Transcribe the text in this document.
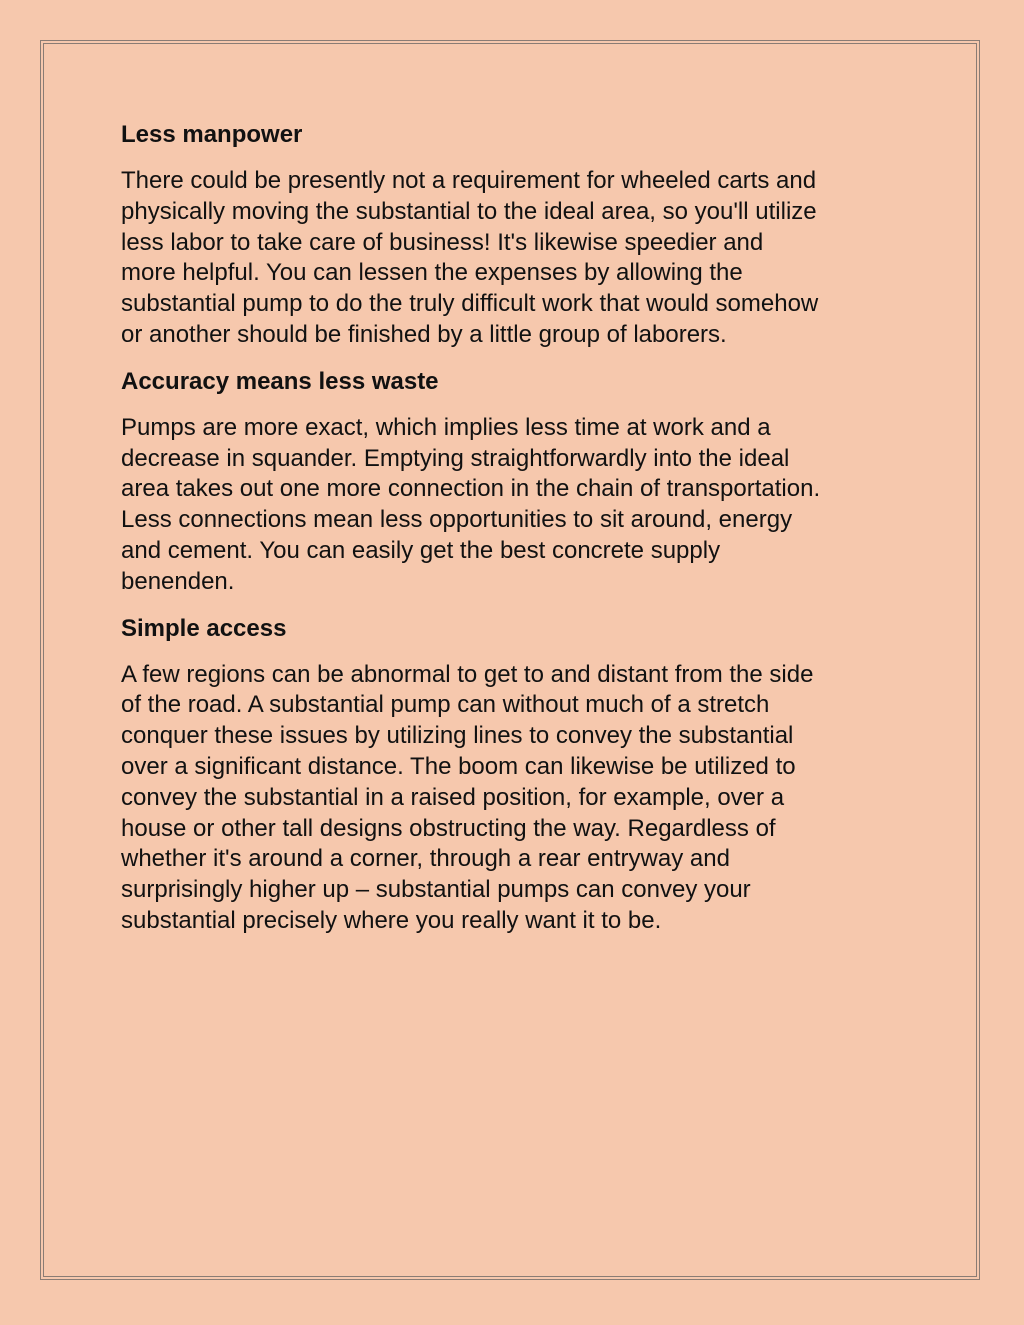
Less manpower

There could be presently not a requirement for wheeled carts and
physically moving the substantial to the ideal area, so you'll utilize
less labor to take care of business! It's likewise speedier and
more helpful. You can lessen the expenses by allowing the
substantial pump to do the truly difficult work that would somehow
or another should be finished by a little group of laborers.

Accuracy means less waste

Pumps are more exact, which implies less time at work and a
decrease in squander. Emptying straightforwardly into the ideal
area takes out one more connection in the chain of transportation.
Less connections mean less opportunities to sit around, energy
and cement. You can easily get the best concrete supply
benenden.

Simple access

A few regions can be abnormal to get to and distant from the side
of the road. A substantial pump can without much of a stretch
conquer these issues by utilizing lines to convey the substantial
over a significant distance. The boom can likewise be utilized to
convey the substantial in a raised position, for example, over a
house or other tall designs obstructing the way. Regardless of
whether it's around a corner, through a rear entryway and
surprisingly higher up – substantial pumps can convey your
substantial precisely where you really want it to be.
